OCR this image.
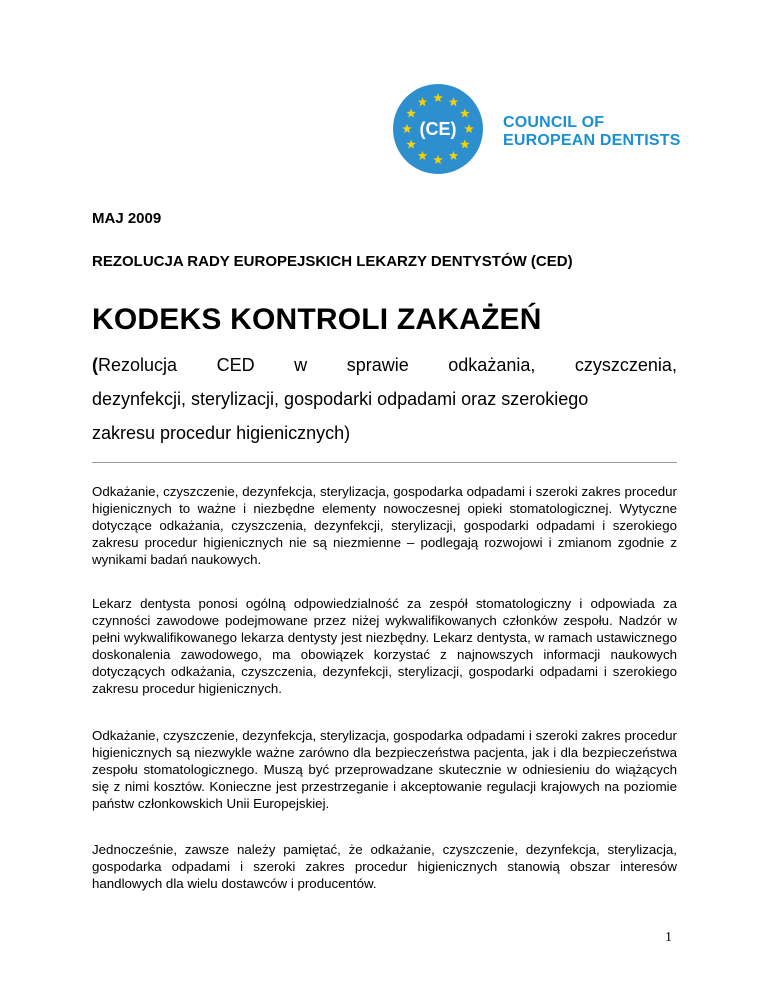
(CE)	COUNCIL OF
EUROPEAN DENTISTS
MAJ 2009
REZOLUCJA RADY EUROPEJSKICH LEKARZY DENTYSTÓW (CED)
KODEKS KONTROLI ZAKAŻEŃ
(Rezolucja CED w sprawie odkażania, czyszczenia,
dezynfekcji, sterylizacji, gospodarki odpadami oraz szerokiego
zakresu procedur higienicznych)

Odkażanie, czyszczenie, dezynfekcja, sterylizacja, gospodarka odpadami i szeroki zakres procedur higienicznych to ważne i niezbędne elementy nowoczesnej opieki stomatologicznej. Wytyczne dotyczące odkażania, czyszczenia, dezynfekcji, sterylizacji, gospodarki odpadami i szerokiego zakresu procedur higienicznych nie są niezmienne – podlegają rozwojowi i zmianom zgodnie z wynikami badań naukowych.

Lekarz dentysta ponosi ogólną odpowiedzialność za zespół stomatologiczny i odpowiada za czynności zawodowe podejmowane przez niżej wykwalifikowanych członków zespołu. Nadzór w pełni wykwalifikowanego lekarza dentysty jest niezbędny. Lekarz dentysta, w ramach ustawicznego doskonalenia zawodowego, ma obowiązek korzystać z najnowszych informacji naukowych dotyczących odkażania, czyszczenia, dezynfekcji, sterylizacji, gospodarki odpadami i szerokiego zakresu procedur higienicznych.

Odkażanie, czyszczenie, dezynfekcja, sterylizacja, gospodarka odpadami i szeroki zakres procedur higienicznych są niezwykle ważne zarówno dla bezpieczeństwa pacjenta, jak i dla bezpieczeństwa zespołu stomatologicznego. Muszą być przeprowadzane skutecznie w odniesieniu do wiążących się z nimi kosztów. Konieczne jest przestrzeganie i akceptowanie regulacji krajowych na poziomie państw członkowskich Unii Europejskiej.

Jednocześnie, zawsze należy pamiętać, że odkażanie, czyszczenie, dezynfekcja, sterylizacja, gospodarka odpadami i szeroki zakres procedur higienicznych stanowią obszar interesów handlowych dla wielu dostawców i producentów.

1
